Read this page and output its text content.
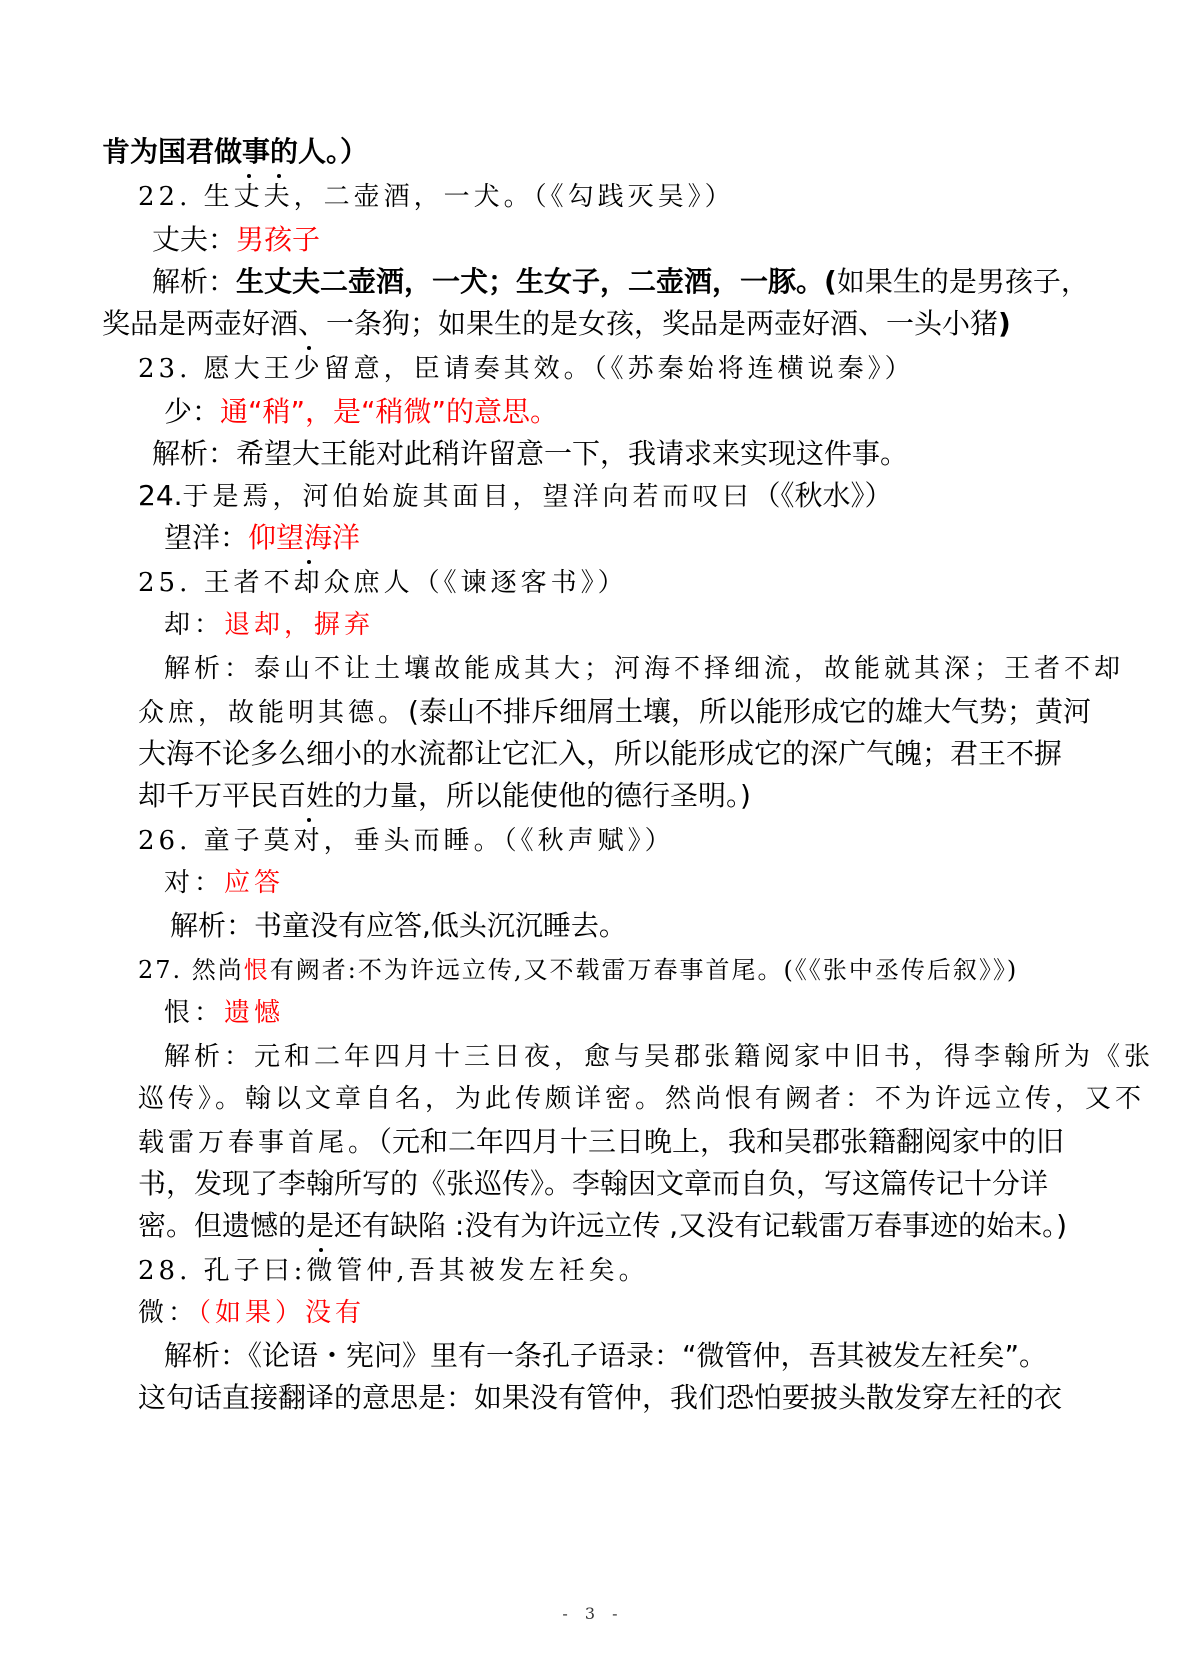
肯为国君做事的人。）
22. 生丈夫，二壶酒，一犬。（《勾践灭吴》）
丈夫：男孩子
解析：生丈夫二壶酒，一犬；生女子，二壶酒，一豚。(如果生的是男孩子，
奖品是两壶好酒、一条狗；如果生的是女孩，奖品是两壶好酒、一头小猪)
23. 愿大王少留意，臣请奏其效。（《苏秦始将连横说秦》）
少：通“稍”，是“稍微”的意思。
解析：希望大王能对此稍许留意一下，我请求来实现这件事。
24.于是焉，河伯始旋其面目，望洋向若而叹曰（《秋水》）
望洋：仰望海洋
25. 王者不却众庶人（《谏逐客书》）
却：退却，摒弃
解析：泰山不让土壤故能成其大；河海不择细流，故能就其深；王者不却
众庶，故能明其德。(泰山不排斥细屑土壤，所以能形成它的雄大气势；黄河
大海不论多么细小的水流都让它汇入，所以能形成它的深广气魄；君王不摒
却千万平民百姓的力量，所以能使他的德行圣明。)
26. 童子莫对，垂头而睡。（《秋声赋》）
对：应答
解析：书童没有应答,低头沉沉睡去。
27. 然尚恨有阙者:不为许远立传,又不载雷万春事首尾。(《《张中丞传后叙》》)
恨：遗憾
解析：元和二年四月十三日夜，愈与吴郡张籍阅家中旧书，得李翰所为《张
巡传》。翰以文章自名，为此传颇详密。然尚恨有阙者：不为许远立传，又不
载雷万春事首尾。（元和二年四月十三日晚上，我和吴郡张籍翻阅家中的旧
书，发现了李翰所写的《张巡传》。李翰因文章而自负，写这篇传记十分详
密。但遗憾的是还有缺陷 :没有为许远立传 ,又没有记载雷万春事迹的始末。)
28. 孔子曰:微管仲,吾其被发左衽矣。
微：（如果）没有
解析：《论语・宪问》里有一条孔子语录：“微管仲，吾其被发左衽矣”。
这句话直接翻译的意思是：如果没有管仲，我们恐怕要披头散发穿左衽的衣
- 3 -
